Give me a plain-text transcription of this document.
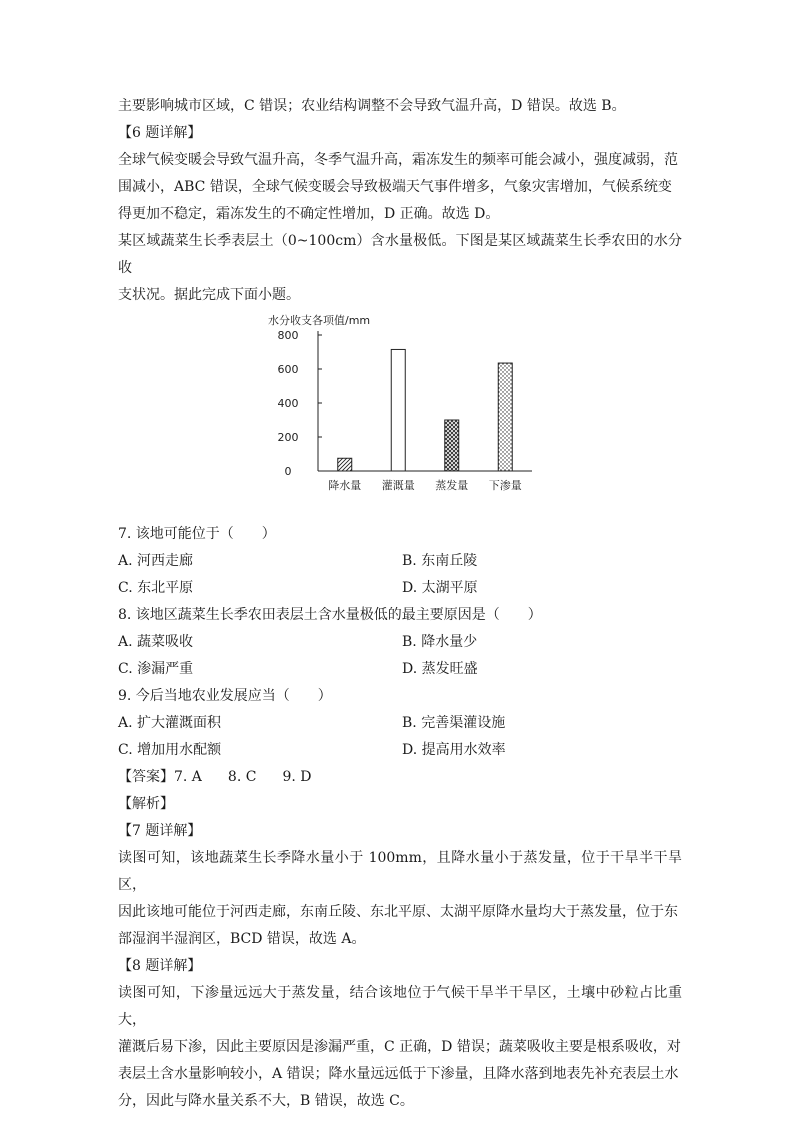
主要影响城市区域，C 错误；农业结构调整不会导致气温升高，D 错误。故选 B。

【6 题详解】

全球气候变暖会导致气温升高，冬季气温升高，霜冻发生的频率可能会减小，强度减弱，范

围减小，ABC 错误，全球气候变暖会导致极端天气事件增多，气象灾害增加，气候系统变

得更加不稳定，霜冻发生的不确定性增加，D 正确。故选 D。

某区域蔬菜生长季表层土（0~100cm）含水量极低。下图是某区域蔬菜生长季农田的水分收

支状况。据此完成下面小题。

水分收支各项值/mm
0
200
400
600
800
降水量 灌溉量 蒸发量 下渗量

7. 该地可能位于（　　）

A. 河西走廊	B. 东南丘陵
C. 东北平原	D. 太湖平原

8. 该地区蔬菜生长季农田表层土含水量极低的最主要原因是（　　）

A. 蔬菜吸收	B. 降水量少
C. 渗漏严重	D. 蒸发旺盛

9. 今后当地农业发展应当（　　）

A. 扩大灌溉面积	B. 完善渠灌设施
C. 增加用水配额	D. 提高用水效率

【答案】7. A 8. C 9. D

【解析】

【7 题详解】

读图可知，该地蔬菜生长季降水量小于 100mm，且降水量小于蒸发量，位于干旱半干旱区，

因此该地可能位于河西走廊，东南丘陵、东北平原、太湖平原降水量均大于蒸发量，位于东

部湿润半湿润区，BCD 错误，故选 A。

【8 题详解】

读图可知，下渗量远远大于蒸发量，结合该地位于气候干旱半干旱区，土壤中砂粒占比重大，

灌溉后易下渗，因此主要原因是渗漏严重，C 正确，D 错误；蔬菜吸收主要是根系吸收，对

表层土含水量影响较小，A 错误；降水量远远低于下渗量，且降水落到地表先补充表层土水

分，因此与降水量关系不大，B 错误，故选 C。
